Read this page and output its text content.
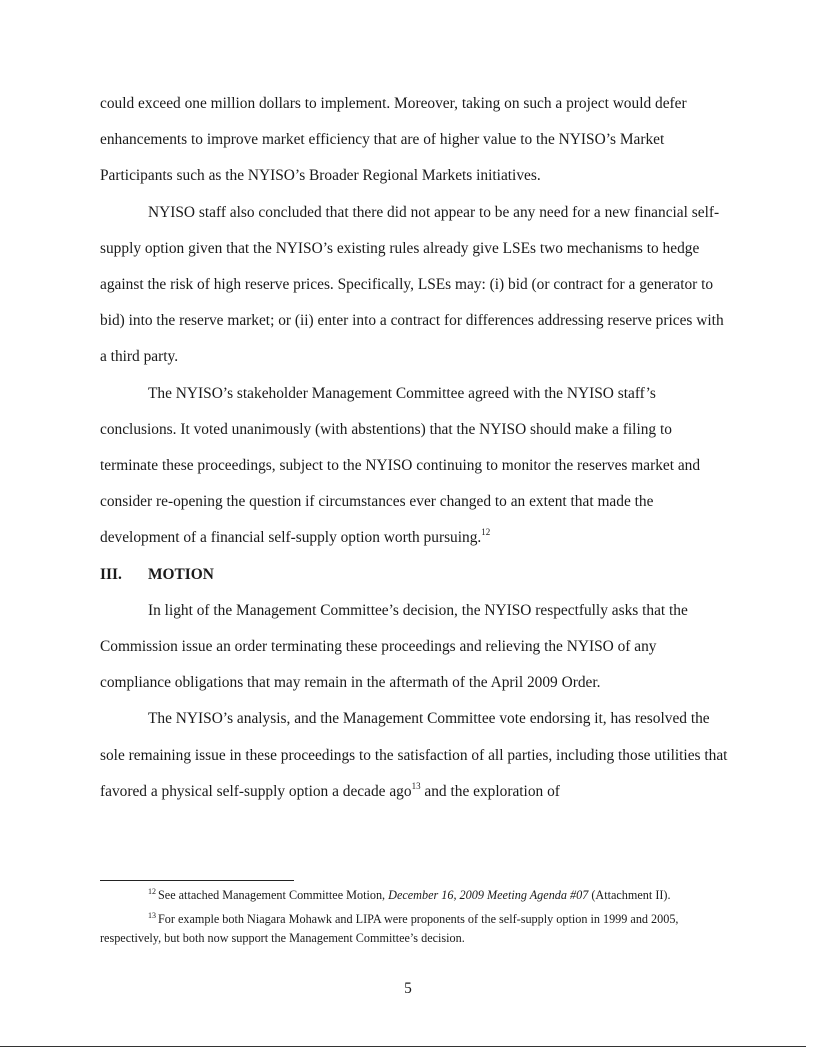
could exceed one million dollars to implement. Moreover, taking on such a project would defer enhancements to improve market efficiency that are of higher value to the NYISO’s Market Participants such as the NYISO’s Broader Regional Markets initiatives.

NYISO staff also concluded that there did not appear to be any need for a new financial self-supply option given that the NYISO’s existing rules already give LSEs two mechanisms to hedge against the risk of high reserve prices. Specifically, LSEs may: (i) bid (or contract for a generator to bid) into the reserve market; or (ii) enter into a contract for differences addressing reserve prices with a third party.

The NYISO’s stakeholder Management Committee agreed with the NYISO staff’s conclusions. It voted unanimously (with abstentions) that the NYISO should make a filing to terminate these proceedings, subject to the NYISO continuing to monitor the reserves market and consider re-opening the question if circumstances ever changed to an extent that made the development of a financial self-supply option worth pursuing.$^{12}$

III. MOTION

In light of the Management Committee’s decision, the NYISO respectfully asks that the Commission issue an order terminating these proceedings and relieving the NYISO of any compliance obligations that may remain in the aftermath of the April 2009 Order.

The NYISO’s analysis, and the Management Committee vote endorsing it, has resolved the sole remaining issue in these proceedings to the satisfaction of all parties, including those utilities that favored a physical self-supply option a decade ago$^{13}$ and the exploration of

$^{12}$ See attached Management Committee Motion, December 16, 2009 Meeting Agenda #07 (Attachment II).

$^{13}$ For example both Niagara Mohawk and LIPA were proponents of the self-supply option in 1999 and 2005, respectively, but both now support the Management Committee’s decision.

5
